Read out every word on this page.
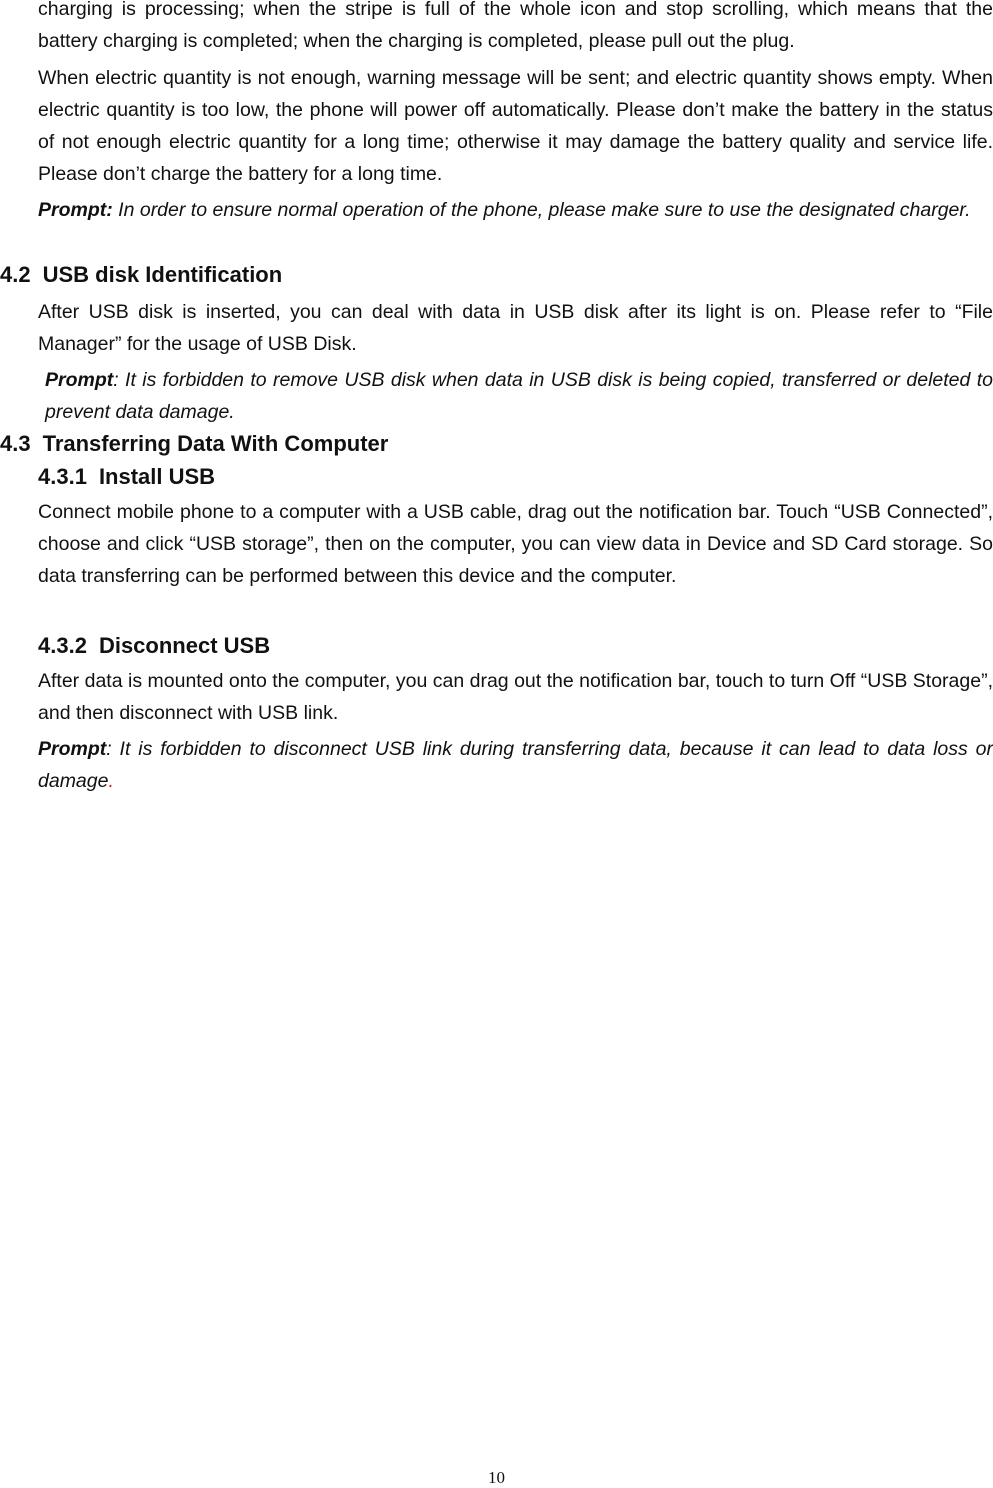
charging is processing; when the stripe is full of the whole icon and stop scrolling, which means that the battery charging is completed; when the charging is completed, please pull out the plug.

When electric quantity is not enough, warning message will be sent; and electric quantity shows empty. When electric quantity is too low, the phone will power off automatically. Please don’t make the battery in the status of not enough electric quantity for a long time; otherwise it may damage the battery quality and service life. Please don’t charge the battery for a long time.

Prompt: In order to ensure normal operation of the phone, please make sure to use the designated charger.

4.2 USB disk Identification

After USB disk is inserted, you can deal with data in USB disk after its light is on. Please refer to “File Manager” for the usage of USB Disk.

Prompt: It is forbidden to remove USB disk when data in USB disk is being copied, transferred or deleted to prevent data damage.

4.3 Transferring Data With Computer
4.3.1 Install USB

Connect mobile phone to a computer with a USB cable, drag out the notification bar. Touch “USB Connected”, choose and click “USB storage”, then on the computer, you can view data in Device and SD Card storage. So data transferring can be performed between this device and the computer.

4.3.2 Disconnect USB

After data is mounted onto the computer, you can drag out the notification bar, touch to turn Off “USB Storage”, and then disconnect with USB link.

Prompt: It is forbidden to disconnect USB link during transferring data, because it can lead to data loss or damage.

10
